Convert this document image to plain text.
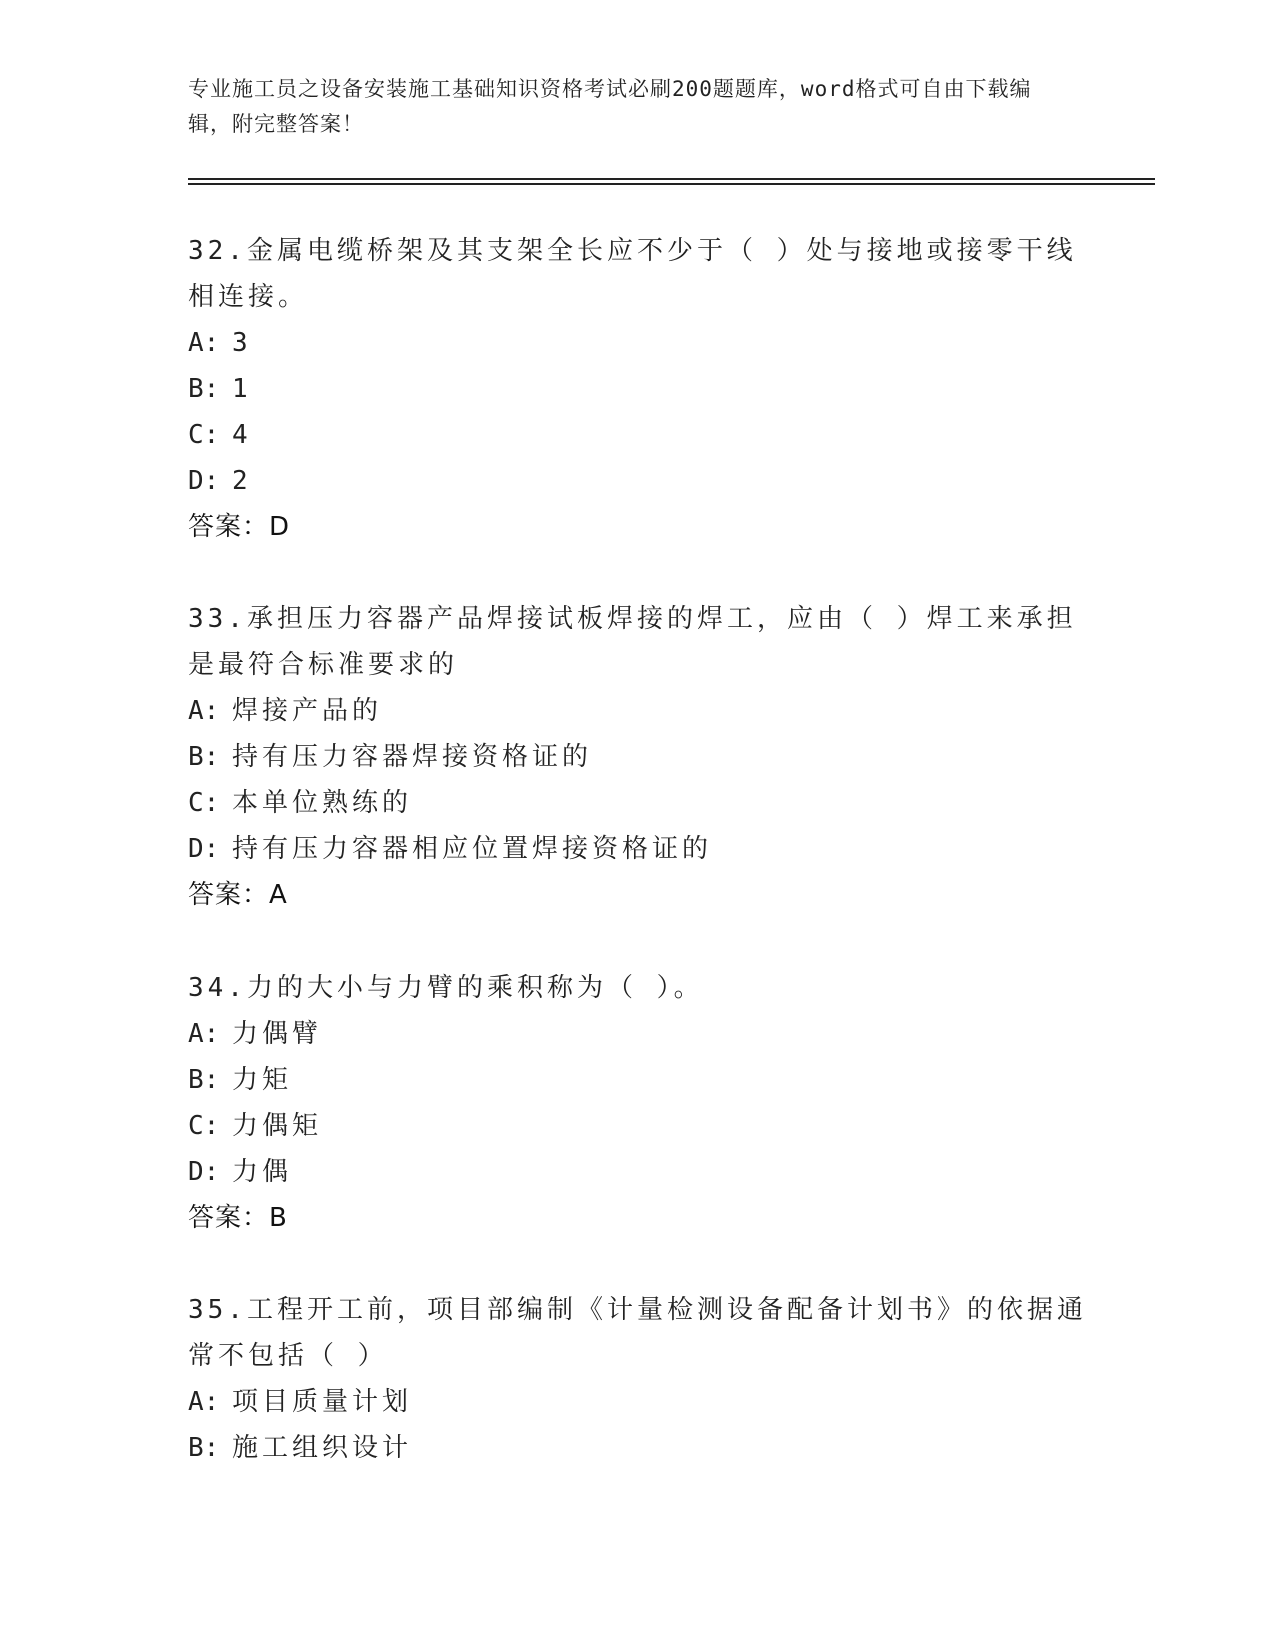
专业施工员之设备安装施工基础知识资格考试必刷200题题库，word格式可自由下载编辑，附完整答案！
32.金属电缆桥架及其支架全长应不少于（ ）处与接地或接零干线相连接。
A: 3
B: 1
C: 4
D: 2
答案：D
33.承担压力容器产品焊接试板焊接的焊工，应由（ ）焊工来承担是最符合标准要求的
A: 焊接产品的
B: 持有压力容器焊接资格证的
C: 本单位熟练的
D: 持有压力容器相应位置焊接资格证的
答案：A
34.力的大小与力臂的乘积称为（ ）。
A: 力偶臂
B: 力矩
C: 力偶矩
D: 力偶
答案：B
35.工程开工前，项目部编制《计量检测设备配备计划书》的依据通常不包括（ ）
A: 项目质量计划
B: 施工组织设计
